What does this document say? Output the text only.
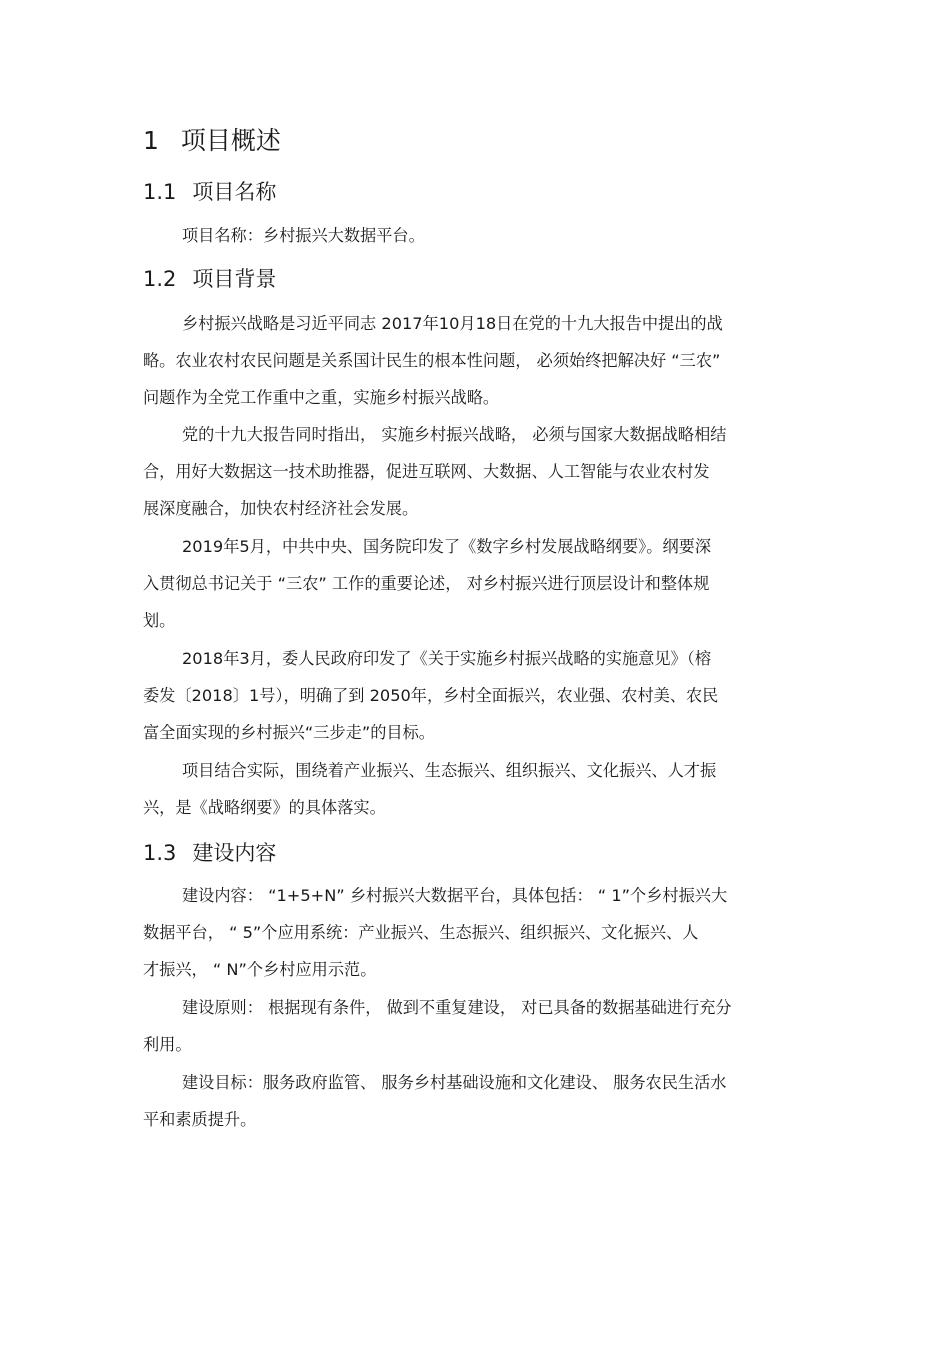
1 项目概述
1.1 项目名称
项目名称：乡村振兴大数据平台。
1.2 项目背景
乡村振兴战略是习近平同志 2017年10月18日在党的十九大报告中提出的战
略。农业农村农民问题是关系国计民生的根本性问题， 必须始终把解决好 “三农”
问题作为全党工作重中之重，实施乡村振兴战略。
党的十九大报告同时指出， 实施乡村振兴战略， 必须与国家大数据战略相结
合，用好大数据这一技术助推器，促进互联网、大数据、人工智能与农业农村发
展深度融合，加快农村经济社会发展。
2019年5月，中共中央、国务院印发了《数字乡村发展战略纲要》。纲要深
入贯彻总书记关于 “三农” 工作的重要论述， 对乡村振兴进行顶层设计和整体规
划。
2018年3月，委人民政府印发了《关于实施乡村振兴战略的实施意见》（榕
委发〔2018〕1号），明确了到 2050年，乡村全面振兴，农业强、农村美、农民
富全面实现的乡村振兴“三步走”的目标。
项目结合实际，围绕着产业振兴、生态振兴、组织振兴、文化振兴、人才振
兴，是《战略纲要》的具体落实。
1.3 建设内容
建设内容： “1+5+N” 乡村振兴大数据平台，具体包括： “ 1”个乡村振兴大
数据平台， “ 5”个应用系统：产业振兴、生态振兴、组织振兴、文化振兴、人
才振兴， “ N”个乡村应用示范。
建设原则： 根据现有条件， 做到不重复建设， 对已具备的数据基础进行充分
利用。
建设目标：服务政府监管、 服务乡村基础设施和文化建设、 服务农民生活水
平和素质提升。
